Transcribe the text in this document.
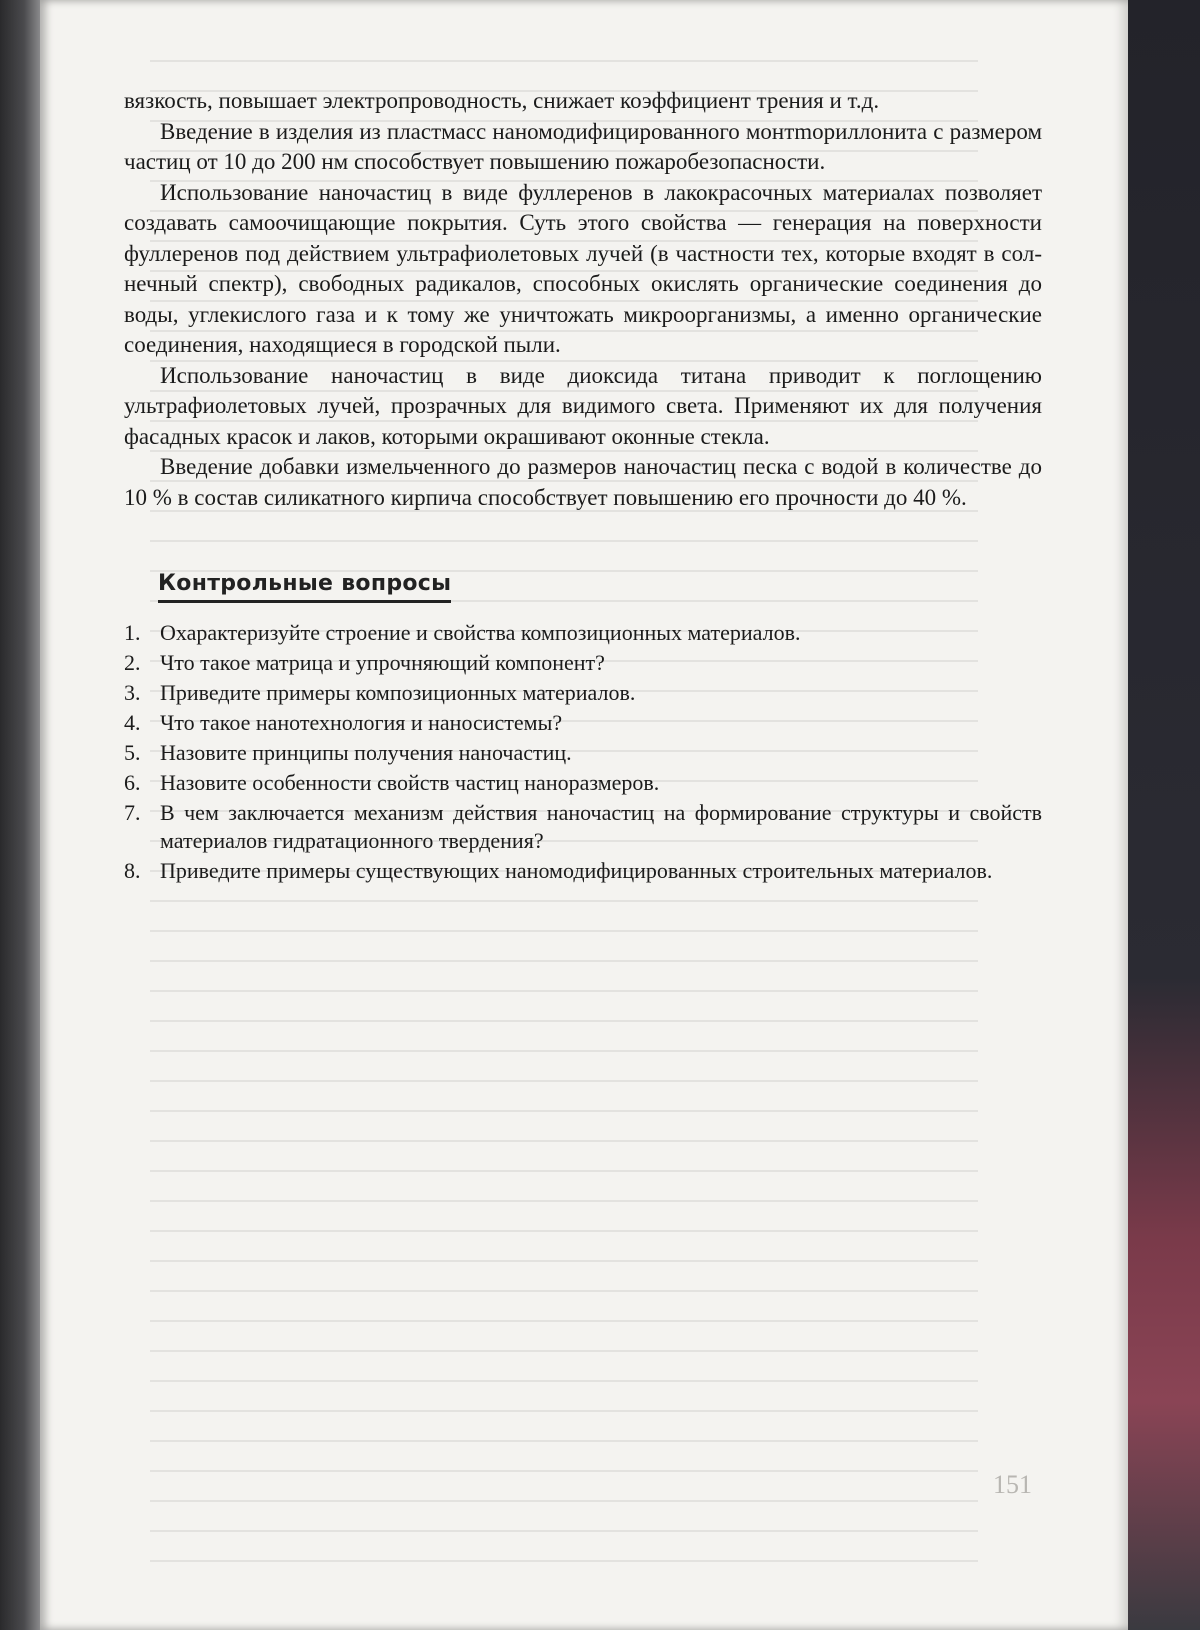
вязкость, повышает электропроводность, снижает коэффициент трения и т.д.

Введение в изделия из пластмасс наномодифицированного монтmориллонита с размером частиц от 10 до 200 нм способствует повышению пожаробезопасности.

Использование наночастиц в виде фуллеренов в лакокрасочных материалах позволяет создавать самоочищающие покрытия. Суть этого свойства — генерация на поверхности фуллеренов под действием ультрафиолетовых лучей (в частности тех, которые входят в солнечный спектр), свободных радикалов, способных окислять органические соединения до воды, углекислого газа и к тому же уничтожать микроорганизмы, а именно органические соединения, находящиеся в городской пыли.

Использование наночастиц в виде диоксида титана приводит к поглощению ультрафиолетовых лучей, прозрачных для видимого света. Применяют их для получения фасадных красок и лаков, которыми окрашивают оконные стекла.

Введение добавки измельченного до размеров наночастиц песка с водой в количестве до 10 % в состав силикатного кирпича способствует повышению его прочности до 40 %.

Контрольные вопросы
1. Охарактеризуйте строение и свойства композиционных материалов.
2. Что такое матрица и упрочняющий компонент?
3. Приведите примеры композиционных материалов.
4. Что такое нанотехнология и наносистемы?
5. Назовите принципы получения наночастиц.
6. Назовите особенности свойств частиц наноразмеров.
7. В чем заключается механизм действия наночастиц на формирование структуры и свойств материалов гидратационного твердения?
8. Приведите примеры существующих наномодифицированных строительных материалов.
151
